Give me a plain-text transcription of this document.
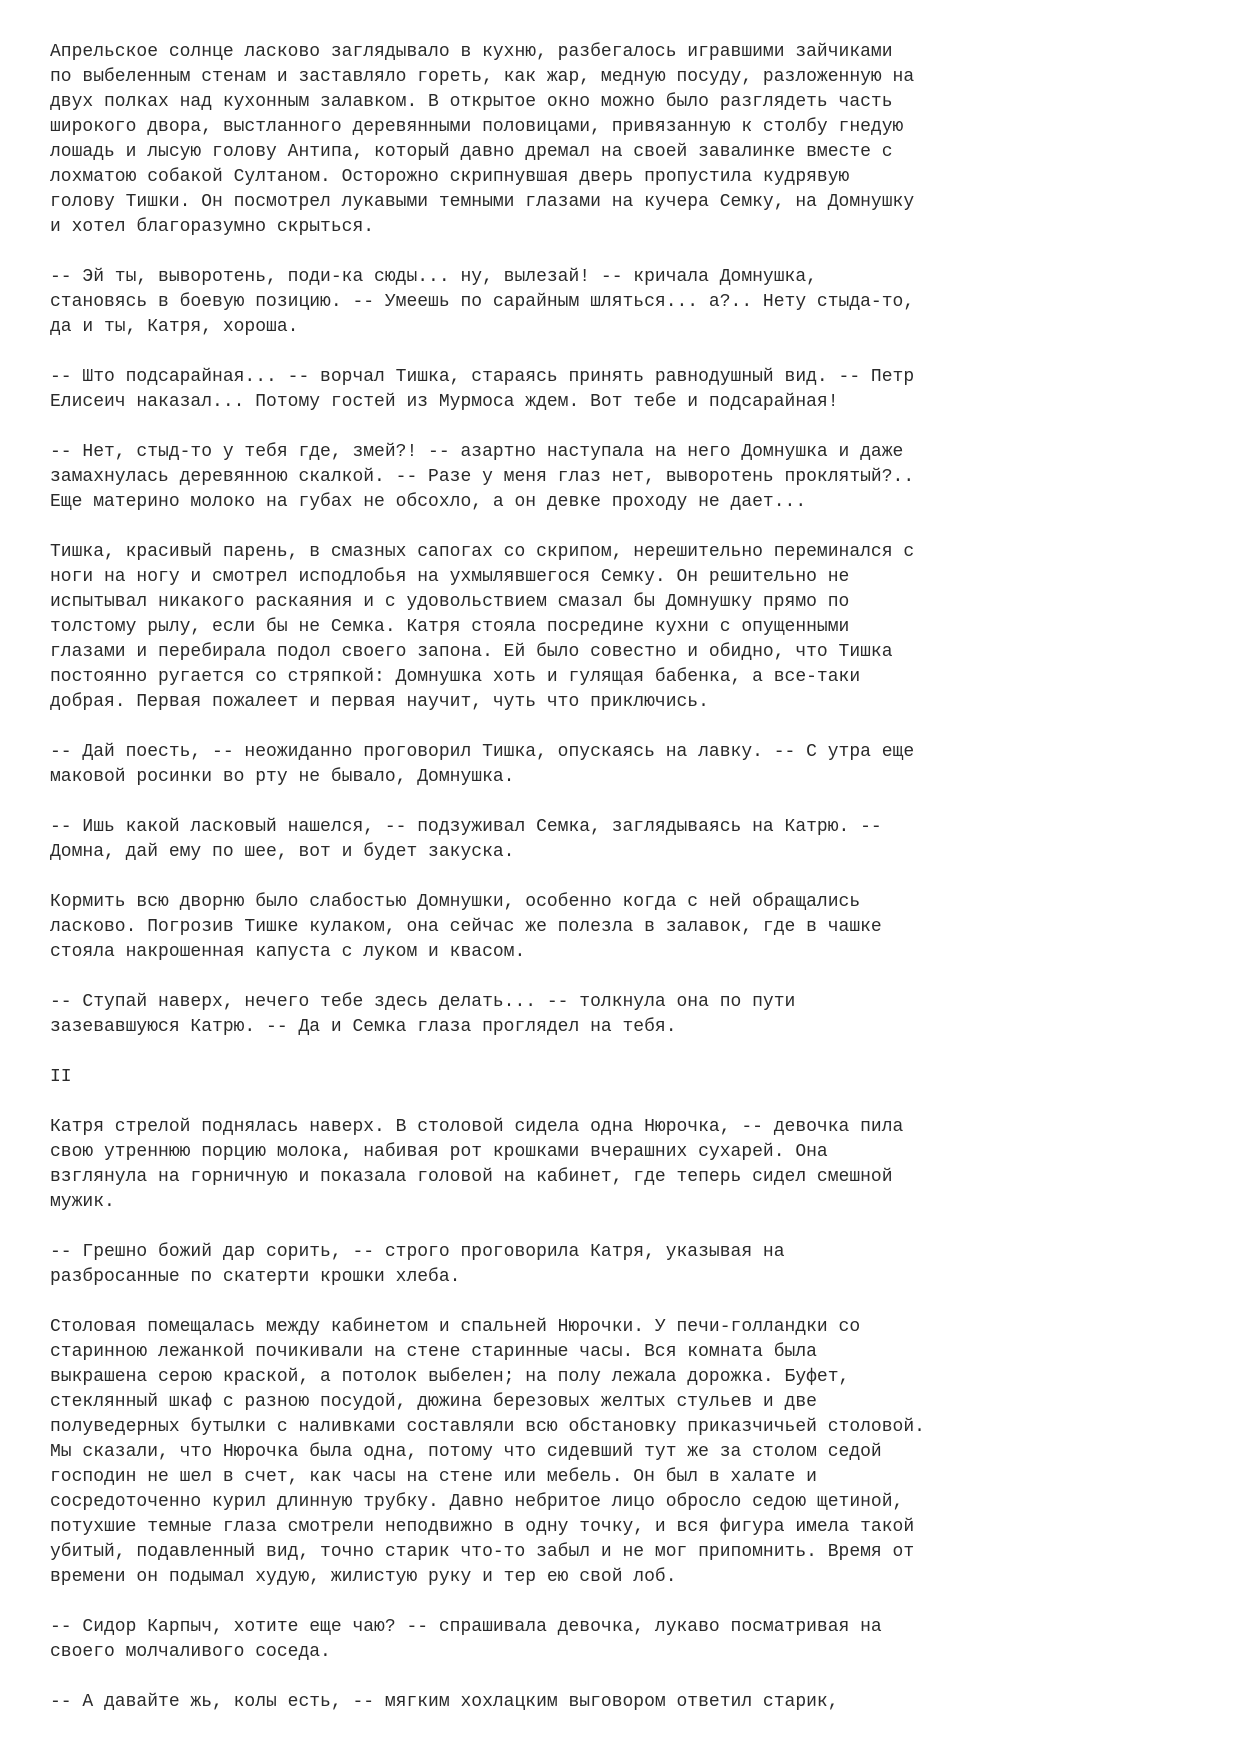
Апрельское солнце ласково заглядывало в кухню, разбегалось игравшими зайчиками
по выбеленным стенам и заставляло гореть, как жар, медную посуду, разложенную на
двух полках над кухонным залавком. В открытое окно можно было разглядеть часть
широкого двора, выстланного деревянными половицами, привязанную к столбу гнедую
лошадь и лысую голову Антипа, который давно дремал на своей завалинке вместе с
лохматою собакой Султаном. Осторожно скрипнувшая дверь пропустила кудрявую
голову Тишки. Он посмотрел лукавыми темными глазами на кучера Семку, на Домнушку
и хотел благоразумно скрыться.
-- Эй ты, выворотень, поди-ка сюды... ну, вылезай! -- кричала Домнушка,
становясь в боевую позицию. -- Умеешь по сарайным шляться... а?.. Нету стыда-то,
да и ты, Катря, хороша.
-- Што подсарайная... -- ворчал Тишка, стараясь принять равнодушный вид. -- Петр
Елисеич наказал... Потому гостей из Мурмоса ждем. Вот тебе и подсарайная!
-- Нет, стыд-то у тебя где, змей?! -- азартно наступала на него Домнушка и даже
замахнулась деревянною скалкой. -- Разе у меня глаз нет, выворотень проклятый?..
Еще материно молоко на губах не обсохло, а он девке проходу не дает...
Тишка, красивый парень, в смазных сапогах со скрипом, нерешительно переминался с
ноги на ногу и смотрел исподлобья на ухмылявшегося Семку. Он решительно не
испытывал никакого раскаяния и с удовольствием смазал бы Домнушку прямо по
толстому рылу, если бы не Семка. Катря стояла посредине кухни с опущенными
глазами и перебирала подол своего запона. Ей было совестно и обидно, что Тишка
постоянно ругается со стряпкой: Домнушка хоть и гулящая бабенка, а все-таки
добрая. Первая пожалеет и первая научит, чуть что приключись.
-- Дай поесть, -- неожиданно проговорил Тишка, опускаясь на лавку. -- С утра еще
маковой росинки во рту не бывало, Домнушка.
-- Ишь какой ласковый нашелся, -- подзуживал Семка, заглядываясь на Катрю. --
Домна, дай ему по шее, вот и будет закуска.
Кормить всю дворню было слабостью Домнушки, особенно когда с ней обращались
ласково. Погрозив Тишке кулаком, она сейчас же полезла в залавок, где в чашке
стояла накрошенная капуста с луком и квасом.
-- Ступай наверх, нечего тебе здесь делать... -- толкнула она по пути
зазевавшуюся Катрю. -- Да и Семка глаза проглядел на тебя.
II
Катря стрелой поднялась наверх. В столовой сидела одна Нюрочка, -- девочка пила
свою утреннюю порцию молока, набивая рот крошками вчерашних сухарей. Она
взглянула на горничную и показала головой на кабинет, где теперь сидел смешной
мужик.
-- Грешно божий дар сорить, -- строго проговорила Катря, указывая на
разбросанные по скатерти крошки хлеба.
Столовая помещалась между кабинетом и спальней Нюрочки. У печи-голландки со
старинною лежанкой почикивали на стене старинные часы. Вся комната была
выкрашена серою краской, а потолок выбелен; на полу лежала дорожка. Буфет,
стеклянный шкаф с разною посудой, дюжина березовых желтых стульев и две
полуведерных бутылки с наливками составляли всю обстановку приказчичьей столовой.
Мы сказали, что Нюрочка была одна, потому что сидевший тут же за столом седой
господин не шел в счет, как часы на стене или мебель. Он был в халате и
сосредоточенно курил длинную трубку. Давно небритое лицо обросло седою щетиной,
потухшие темные глаза смотрели неподвижно в одну точку, и вся фигура имела такой
убитый, подавленный вид, точно старик что-то забыл и не мог припомнить. Время от
времени он подымал худую, жилистую руку и тер ею свой лоб.
-- Сидор Карпыч, хотите еще чаю? -- спрашивала девочка, лукаво посматривая на
своего молчаливого соседа.
-- А давайте жь, колы есть, -- мягким хохлацким выговором ответил старик,
